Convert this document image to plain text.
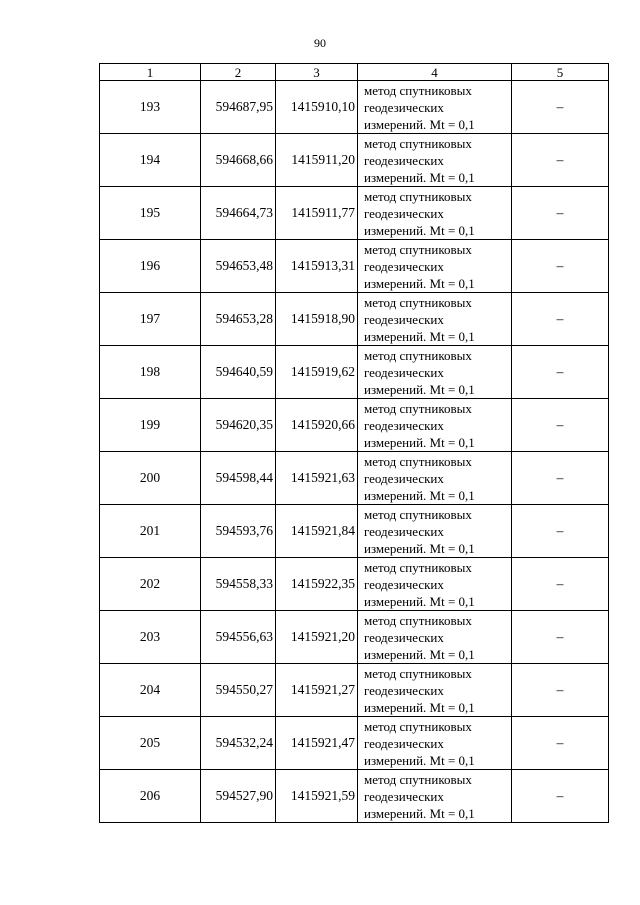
90
1	2	3	4	5
193	594687,95	1415910,10	метод спутниковых
геодезических
измерений. Mt = 0,1	–
194	594668,66	1415911,20	метод спутниковых
геодезических
измерений. Mt = 0,1	–
195	594664,73	1415911,77	метод спутниковых
геодезических
измерений. Mt = 0,1	–
196	594653,48	1415913,31	метод спутниковых
геодезических
измерений. Mt = 0,1	–
197	594653,28	1415918,90	метод спутниковых
геодезических
измерений. Mt = 0,1	–
198	594640,59	1415919,62	метод спутниковых
геодезических
измерений. Mt = 0,1	–
199	594620,35	1415920,66	метод спутниковых
геодезических
измерений. Mt = 0,1	–
200	594598,44	1415921,63	метод спутниковых
геодезических
измерений. Mt = 0,1	–
201	594593,76	1415921,84	метод спутниковых
геодезических
измерений. Mt = 0,1	–
202	594558,33	1415922,35	метод спутниковых
геодезических
измерений. Mt = 0,1	–
203	594556,63	1415921,20	метод спутниковых
геодезических
измерений. Mt = 0,1	–
204	594550,27	1415921,27	метод спутниковых
геодезических
измерений. Mt = 0,1	–
205	594532,24	1415921,47	метод спутниковых
геодезических
измерений. Mt = 0,1	–
206	594527,90	1415921,59	метод спутниковых
геодезических
измерений. Mt = 0,1	–
